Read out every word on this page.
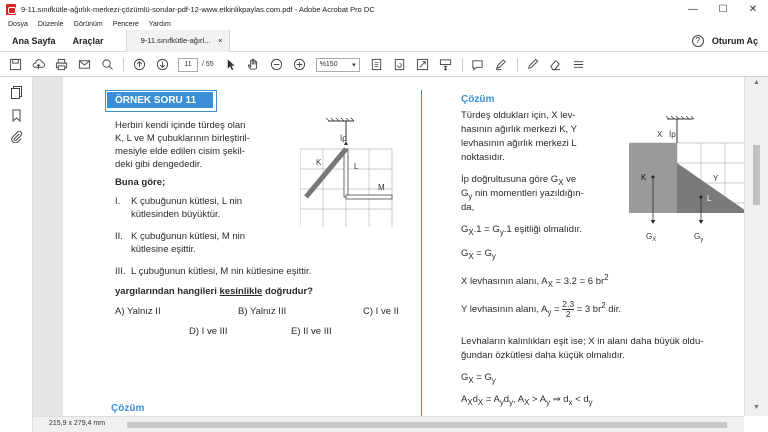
9-11.sınıfkütle-ağırlık-merkezi-çözümlü-sorular-pdf-12-www.etkinlikpaylas.com.pdf - Adobe Acrobat Pro DC	—	☐	✕
Dosya Düzenle Görünüm Pencere Yardım
Ana Sayfa Araçlar	9-11.sınıfkütle-ağırl... ×	?	Oturum Aç
11	/ 55	%150 ▾
ÖRNEK SORU 11
Herbiri kendi içinde türdeş olan
K, L ve M çubuklarının birleştiril-
mesiyle elde edilen cisim şekil-
deki gibi dengededir.
Buna göre;
I. K çubuğunun kütlesi, L nin
kütlesinden büyüktür.
II. K çubuğunun kütlesi, M nin
kütlesine eşittir.
III. L çubuğunun kütlesi, M nin kütlesine eşittir.
yargılarından hangileri kesinlikle doğrudur?
A) Yalnız II	B) Yalnız III	C) I ve II
D) I ve III	E) II ve III
Çözüm
İp
K	L
M
Çözüm
Türdeş oldukları için, X lev-
hasının ağırlık merkezi K, Y
levhasının ağırlık merkezi L
noktasıdır.
İp doğrultusuna göre $G_X$ ve
$G_y$ nin momentleri yazıldığın-
da,
$G_X.1 = G_y.1$ eşitliği olmalıdır.
$G_X = G_y$
X levhasının alanı, $A_X = 3.2 = 6$ $br^2$
Y levhasının alanı, $A_y = \frac{2.3}{2} = 3$ $br^2$ dir.
Levhaların kalınlıkları eşit ise; X in alanı daha büyük oldu-
ğundan özkütlesi daha küçük olmalıdır.
$G_X = G_y$
$A_Xd_X = A_yd_y$, $A_X > A_y$ ⇒ $d_x < d_y$
X İp
K	Y
L
$G_X$	$G_y$
▲
▼
215,9 x 279,4 mm
